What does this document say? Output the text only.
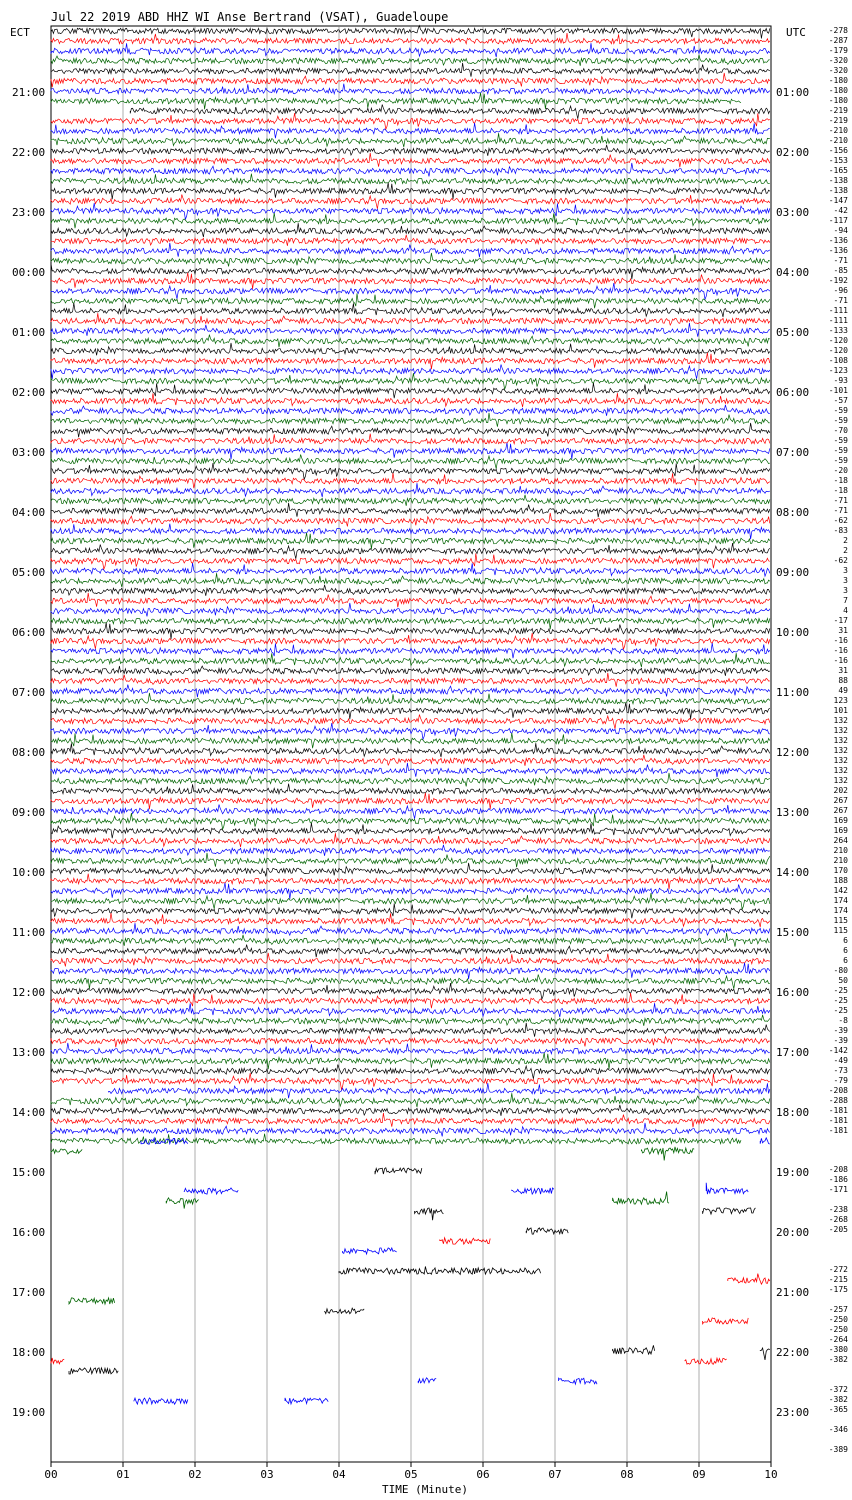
Jul 22 2019 ABD HHZ WI Anse Bertrand (VSAT), Guadeloupe
ECT	UTC
21:00
22:00
23:00
00:00
01:00
02:00
03:00
04:00
05:00
06:00
07:00
08:00
09:00
10:00
11:00
12:00
13:00
14:00
15:00
16:00
17:00
18:00
19:00
01:00
02:00
03:00
04:00
05:00
06:00
07:00
08:00
09:00
10:00
11:00
12:00
13:00
14:00
15:00
16:00
17:00
18:00
19:00
20:00
21:00
22:00
23:00
-278
-287
-179
-320
-320
-180
-180
-180
-219
-219
-210
-210
-156
-153
-165
-138
-138
-147
-42
-117
-94
-136
-136
-71
-85
-192
-96
-71
-111
-111
-133
-120
-120
-108
-123
-93
-101
-57
-59
-59
-70
-59
-59
-59
-20
-18
-18
-71
-71
-62
-83
2
2
-62
3
3
3
7
4
-17
31
-16
-16
-16
31
88
49
123
101
132
132
132
132
132
132
132
202
267
267
169
169
264
210
210
170
188
142
174
174
115
115
6
6
6
-80
50
-25
-25
-25
-8
-39
-39
-142
-49
-73
-79
-208
-288
-181
-181
-181
-208
-186
-171
-238
-268
-205
-272
-215
-175
-257
-250
-250
-264
-380
-382
-372
-382
-365
-346
-389
00	01	02	03	04	05	06	07	08	09	10
TIME (Minute)
